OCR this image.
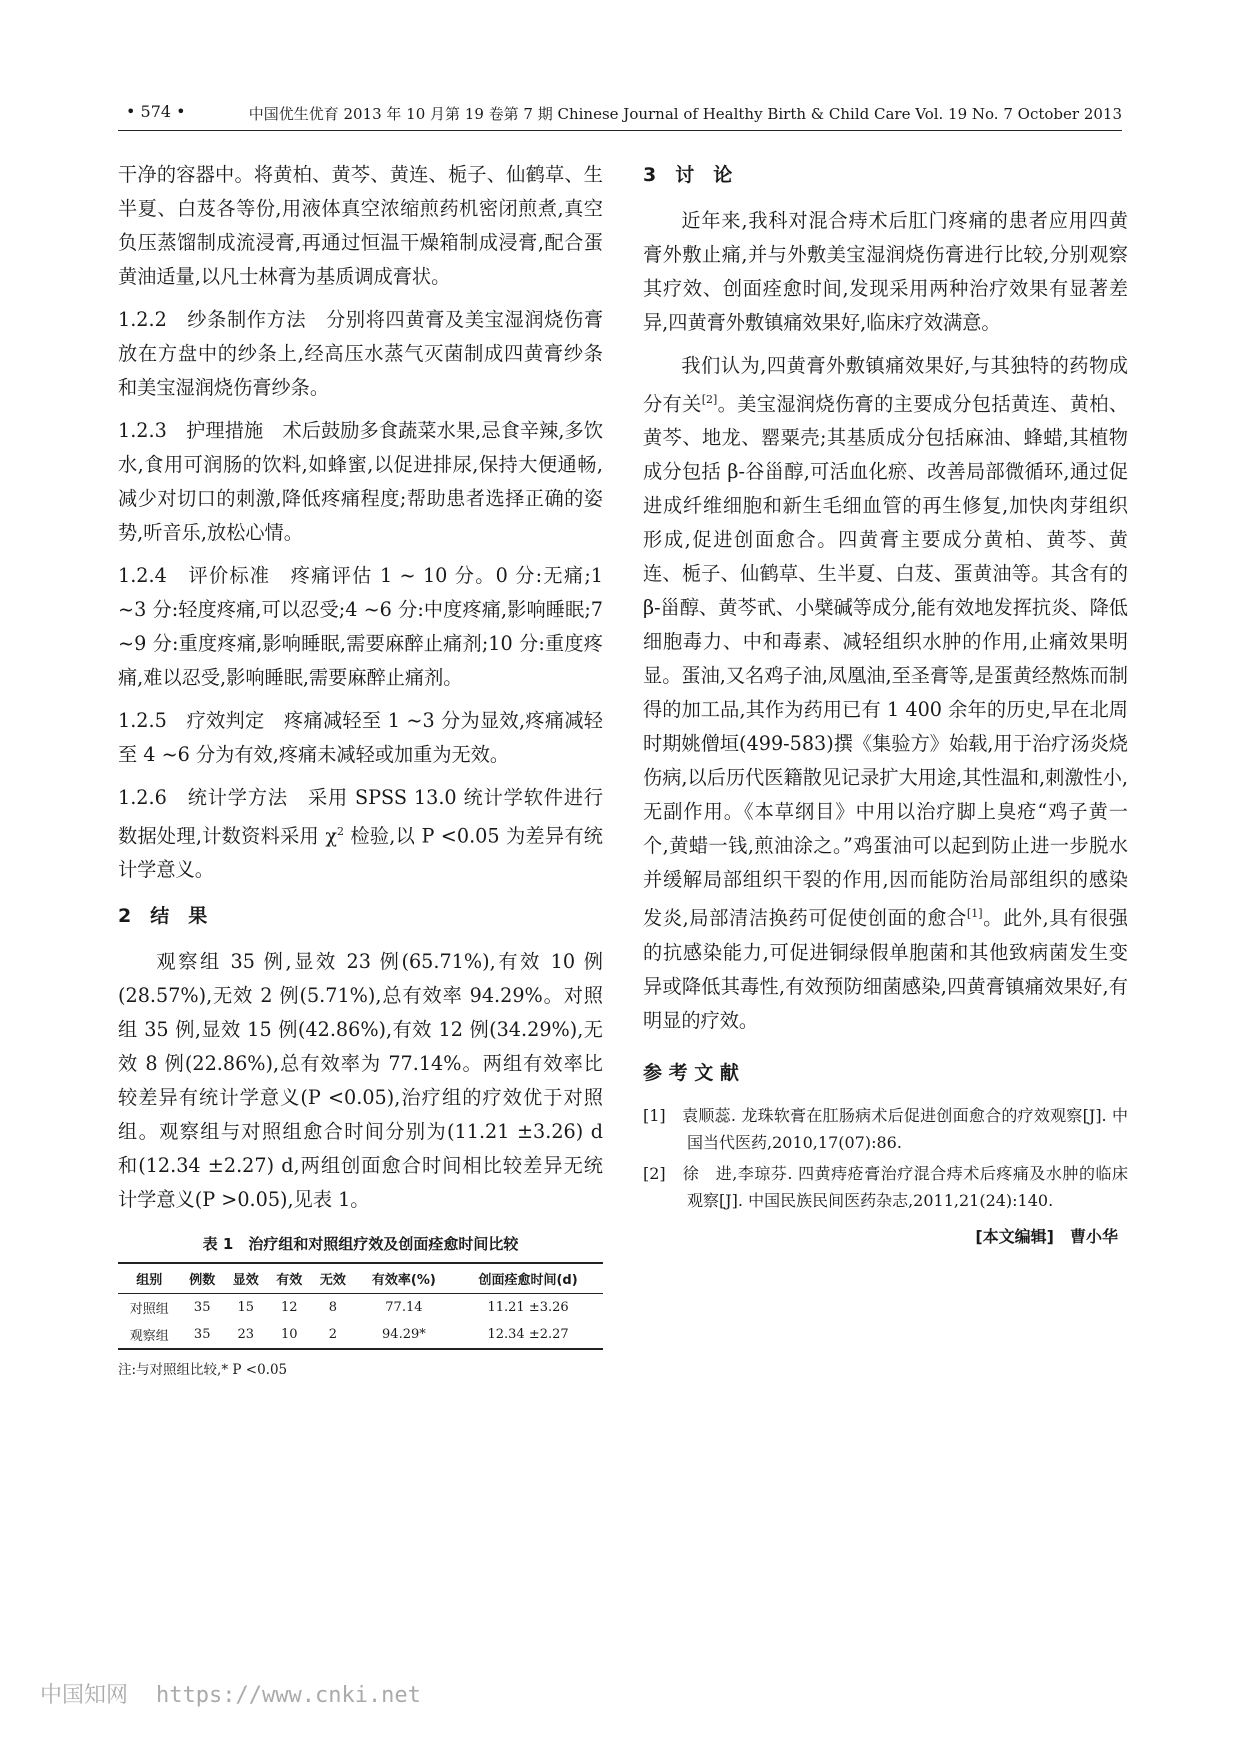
• 574 •	中国优生优育 2013 年 10 月第 19 卷第 7 期 Chinese Journal of Healthy Birth & Child Care Vol. 19 No. 7 October 2013

干净的容器中。将黄柏、黄芩、黄连、栀子、仙鹤草、生半夏、白芨各等份,用液体真空浓缩煎药机密闭煎煮,真空负压蒸馏制成流浸膏,再通过恒温干燥箱制成浸膏,配合蛋黄油适量,以凡士林膏为基质调成膏状。

1.2.2　纱条制作方法　分别将四黄膏及美宝湿润烧伤膏放在方盘中的纱条上,经高压水蒸气灭菌制成四黄膏纱条和美宝湿润烧伤膏纱条。

1.2.3　护理措施　术后鼓励多食蔬菜水果,忌食辛辣,多饮水,食用可润肠的饮料,如蜂蜜,以促进排尿,保持大便通畅,减少对切口的刺激,降低疼痛程度;帮助患者选择正确的姿势,听音乐,放松心情。

1.2.4　评价标准　疼痛评估 1 ~ 10 分。0 分:无痛;1 ~3 分:轻度疼痛,可以忍受;4 ~6 分:中度疼痛,影响睡眠;7 ~9 分:重度疼痛,影响睡眠,需要麻醉止痛剂;10 分:重度疼痛,难以忍受,影响睡眠,需要麻醉止痛剂。

1.2.5　疗效判定　疼痛减轻至 1 ~3 分为显效,疼痛减轻至 4 ~6 分为有效,疼痛未减轻或加重为无效。

1.2.6　统计学方法　采用 SPSS 13.0 统计学软件进行数据处理,计数资料采用 $\chi^2$ 检验,以 P <0.05 为差异有统计学意义。

2　结　果

观察组 35 例,显效 23 例(65.71%),有效 10 例(28.57%),无效 2 例(5.71%),总有效率 94.29%。对照组 35 例,显效 15 例(42.86%),有效 12 例(34.29%),无效 8 例(22.86%),总有效率为 77.14%。两组有效率比较差异有统计学意义(P <0.05),治疗组的疗效优于对照组。观察组与对照组愈合时间分别为(11.21 ±3.26) d 和(12.34 ±2.27) d,两组创面愈合时间相比较差异无统计学意义(P >0.05),见表 1。

表 1　治疗组和对照组疗效及创面痊愈时间比较
组别	例数	显效	有效	无效	有效率(%)	创面痊愈时间(d)
对照组	35	15	12	8	77.14	11.21 ±3.26
观察组	35	23	10	2	94.29*	12.34 ±2.27
注:与对照组比较,* P <0.05
3　讨　论

近年来,我科对混合痔术后肛门疼痛的患者应用四黄膏外敷止痛,并与外敷美宝湿润烧伤膏进行比较,分别观察其疗效、创面痊愈时间,发现采用两种治疗效果有显著差异,四黄膏外敷镇痛效果好,临床疗效满意。

我们认为,四黄膏外敷镇痛效果好,与其独特的药物成分有关[2]。美宝湿润烧伤膏的主要成分包括黄连、黄柏、黄芩、地龙、罂粟壳;其基质成分包括麻油、蜂蜡,其植物成分包括 β-谷甾醇,可活血化瘀、改善局部微循环,通过促进成纤维细胞和新生毛细血管的再生修复,加快肉芽组织形成,促进创面愈合。四黄膏主要成分黄柏、黄芩、黄连、栀子、仙鹤草、生半夏、白芨、蛋黄油等。其含有的 β-甾醇、黄芩甙、小檗碱等成分,能有效地发挥抗炎、降低细胞毒力、中和毒素、减轻组织水肿的作用,止痛效果明显。蛋油,又名鸡子油,凤凰油,至圣膏等,是蛋黄经熬炼而制得的加工品,其作为药用已有 1 400 余年的历史,早在北周时期姚僧垣(499-583)撰《集验方》始载,用于治疗汤炎烧伤病,以后历代医籍散见记录扩大用途,其性温和,刺激性小,无副作用。《本草纲目》中用以治疗脚上臭疮“鸡子黄一个,黄蜡一钱,煎油涂之。”鸡蛋油可以起到防止进一步脱水并缓解局部组织干裂的作用,因而能防治局部组织的感染发炎,局部清洁换药可促使创面的愈合[1]。此外,具有很强的抗感染能力,可促进铜绿假单胞菌和其他致病菌发生变异或降低其毒性,有效预防细菌感染,四黄膏镇痛效果好,有明显的疗效。

参 考 文 献

[1]　袁顺蕊. 龙珠软膏在肛肠病术后促进创面愈合的疗效观察[J]. 中国当代医药,2010,17(07):86.

[2]　徐　进,李琼芬. 四黄痔疮膏治疗混合痔术后疼痛及水肿的临床观察[J]. 中国民族民间医药杂志,2011,21(24):140.

[本文编辑]　曹小华
中国知网 https://www.cnki.net
